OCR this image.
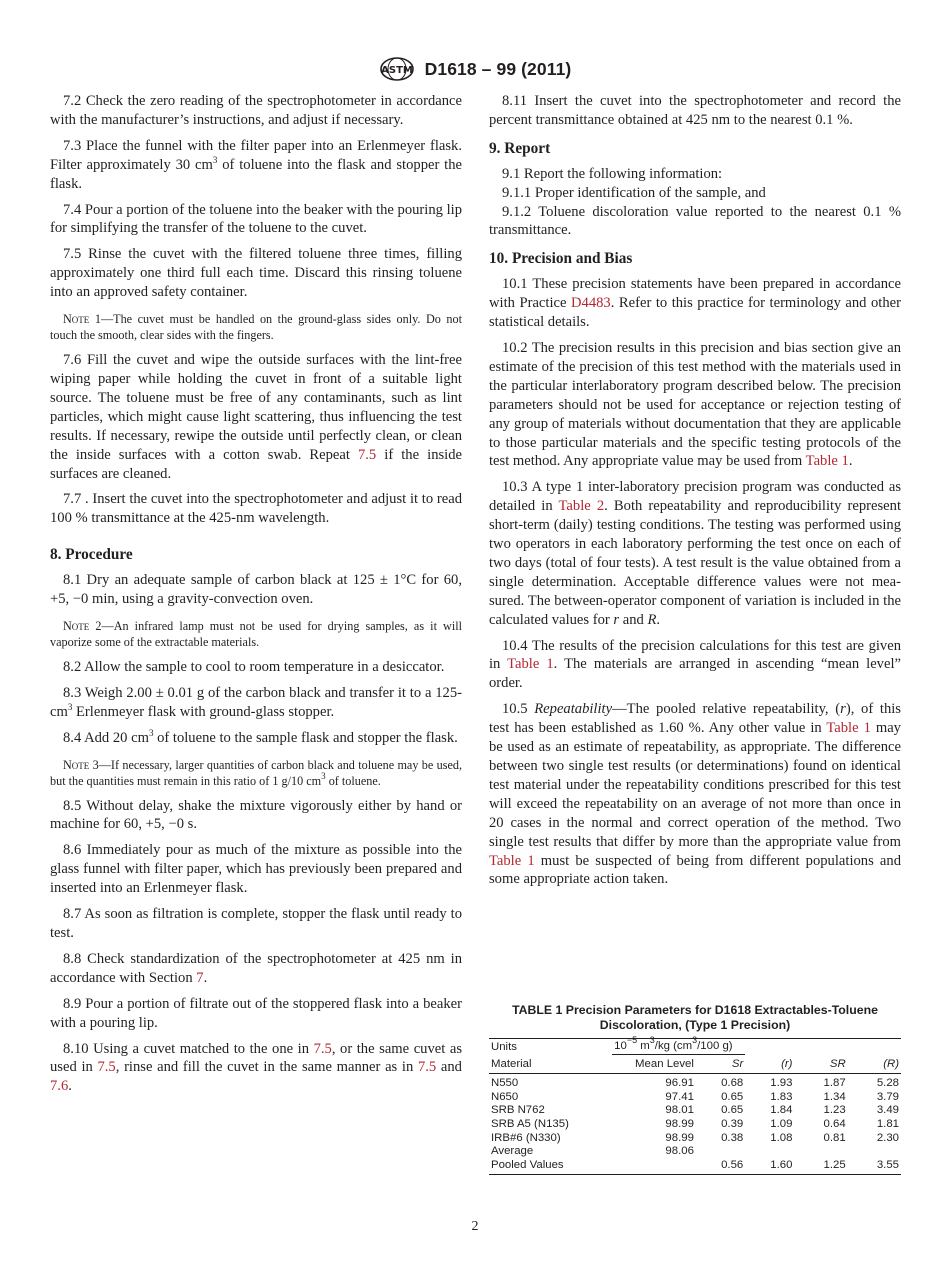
ASTM D1618 – 99 (2011)

7.2 Check the zero reading of the spectrophotometer in accordance with the manufacturer’s instructions, and adjust if necessary.

7.3 Place the funnel with the filter paper into an Erlenmeyer flask. Filter approximately 30 $cm^3$ of toluene into the flask and stopper the flask.

7.4 Pour a portion of the toluene into the beaker with the pouring lip for simplifying the transfer of the toluene to the cuvet.

7.5 Rinse the cuvet with the filtered toluene three times, filling approximately one third full each time. Discard this rinsing toluene into an approved safety container.

Note 1—The cuvet must be handled on the ground-glass sides only. Do not touch the smooth, clear sides with the fingers.

7.6 Fill the cuvet and wipe the outside surfaces with the lint-free wiping paper while holding the cuvet in front of a suitable light source. The toluene must be free of any contaminants, such as lint particles, which might cause light scattering, thus influencing the test results. If necessary, rewipe the outside until perfectly clean, or clean the inside surfaces with a cotton swab. Repeat 7.5 if the inside surfaces are cleaned.

7.7 . Insert the cuvet into the spectrophotometer and adjust it to read 100 % transmittance at the 425-nm wavelength.

8. Procedure

8.1 Dry an adequate sample of carbon black at 125 ± 1°C for 60, +5, −0 min, using a gravity-convection oven.

Note 2—An infrared lamp must not be used for drying samples, as it will vaporize some of the extractable materials.

8.2 Allow the sample to cool to room temperature in a desiccator.

8.3 Weigh 2.00 ± 0.01 g of the carbon black and transfer it to a $125-cm^3$ Erlenmeyer flask with ground-glass stopper.

8.4 Add 20 $cm^3$ of toluene to the sample flask and stopper the flask.

Note 3—If necessary, larger quantities of carbon black and toluene may be used, but the quantities must remain in this ratio of 1 g/10 $cm^3$ of toluene.

8.5 Without delay, shake the mixture vigorously either by hand or machine for 60, +5, −0 s.

8.6 Immediately pour as much of the mixture as possible into the glass funnel with filter paper, which has previously been prepared and inserted into an Erlenmeyer flask.

8.7 As soon as filtration is complete, stopper the flask until ready to test.

8.8 Check standardization of the spectrophotometer at 425 nm in accordance with Section 7.

8.9 Pour a portion of filtrate out of the stoppered flask into a beaker with a pouring lip.

8.10 Using a cuvet matched to the one in 7.5, or the same cuvet as used in 7.5, rinse and fill the cuvet in the same manner as in 7.5 and 7.6.

8.11 Insert the cuvet into the spectrophotometer and record the percent transmittance obtained at 425 nm to the nearest 0.1 %.

9. Report

9.1 Report the following information:

9.1.1 Proper identification of the sample, and

9.1.2 Toluene discoloration value reported to the nearest 0.1 % transmittance.

10. Precision and Bias

10.1 These precision statements have been prepared in accordance with Practice D4483. Refer to this practice for terminology and other statistical details.

10.2 The precision results in this precision and bias section give an estimate of the precision of this test method with the materials used in the particular interlaboratory program described below. The precision parameters should not be used for acceptance or rejection testing of any group of materials without documentation that they are applicable to those particular materials and the specific testing protocols of the test method. Any appropriate value may be used from Table 1.

10.3 A type 1 inter-laboratory precision program was conducted as detailed in Table 2. Both repeatability and reproducibility represent short-term (daily) testing conditions. The testing was performed using two operators in each laboratory performing the test once on each of two days (total of four tests). A test result is the value obtained from a single determination. Acceptable difference values were not measured. The between-operator component of variation is included in the calculated values for r and R.

10.4 The results of the precision calculations for this test are given in Table 1. The materials are arranged in ascending “mean level” order.

10.5 Repeatability—The pooled relative repeatability, (r), of this test has been established as 1.60 %. Any other value in Table 1 may be used as an estimate of repeatability, as appropriate. The difference between two single test results (or determinations) found on identical test material under the repeatability conditions prescribed for this test will exceed the repeatability on an average of not more than once in 20 cases in the normal and correct operation of the method. Two single test results that differ by more than the appropriate value from Table 1 must be suspected of being from different populations and some appropriate action taken.

TABLE 1 Precision Parameters for D1618 Extractables-Toluene
Discoloration, (Type 1 Precision)
Units	$10^{-5}$ $m^3/kg$ ($cm^3/100$ g)				

Material	Mean Level	Sr	(r)	SR	(R)
N550	96.91	0.68	1.93	1.87	5.28
N650	97.41	0.65	1.83	1.34	3.79
SRB N762	98.01	0.65	1.84	1.23	3.49
SRB A5 (N135)	98.99	0.39	1.09	0.64	1.81
IRB#6 (N330)	98.99	0.38	1.08	0.81	2.30
Average	98.06				
Pooled Values		0.56	1.60	1.25	3.55
2
